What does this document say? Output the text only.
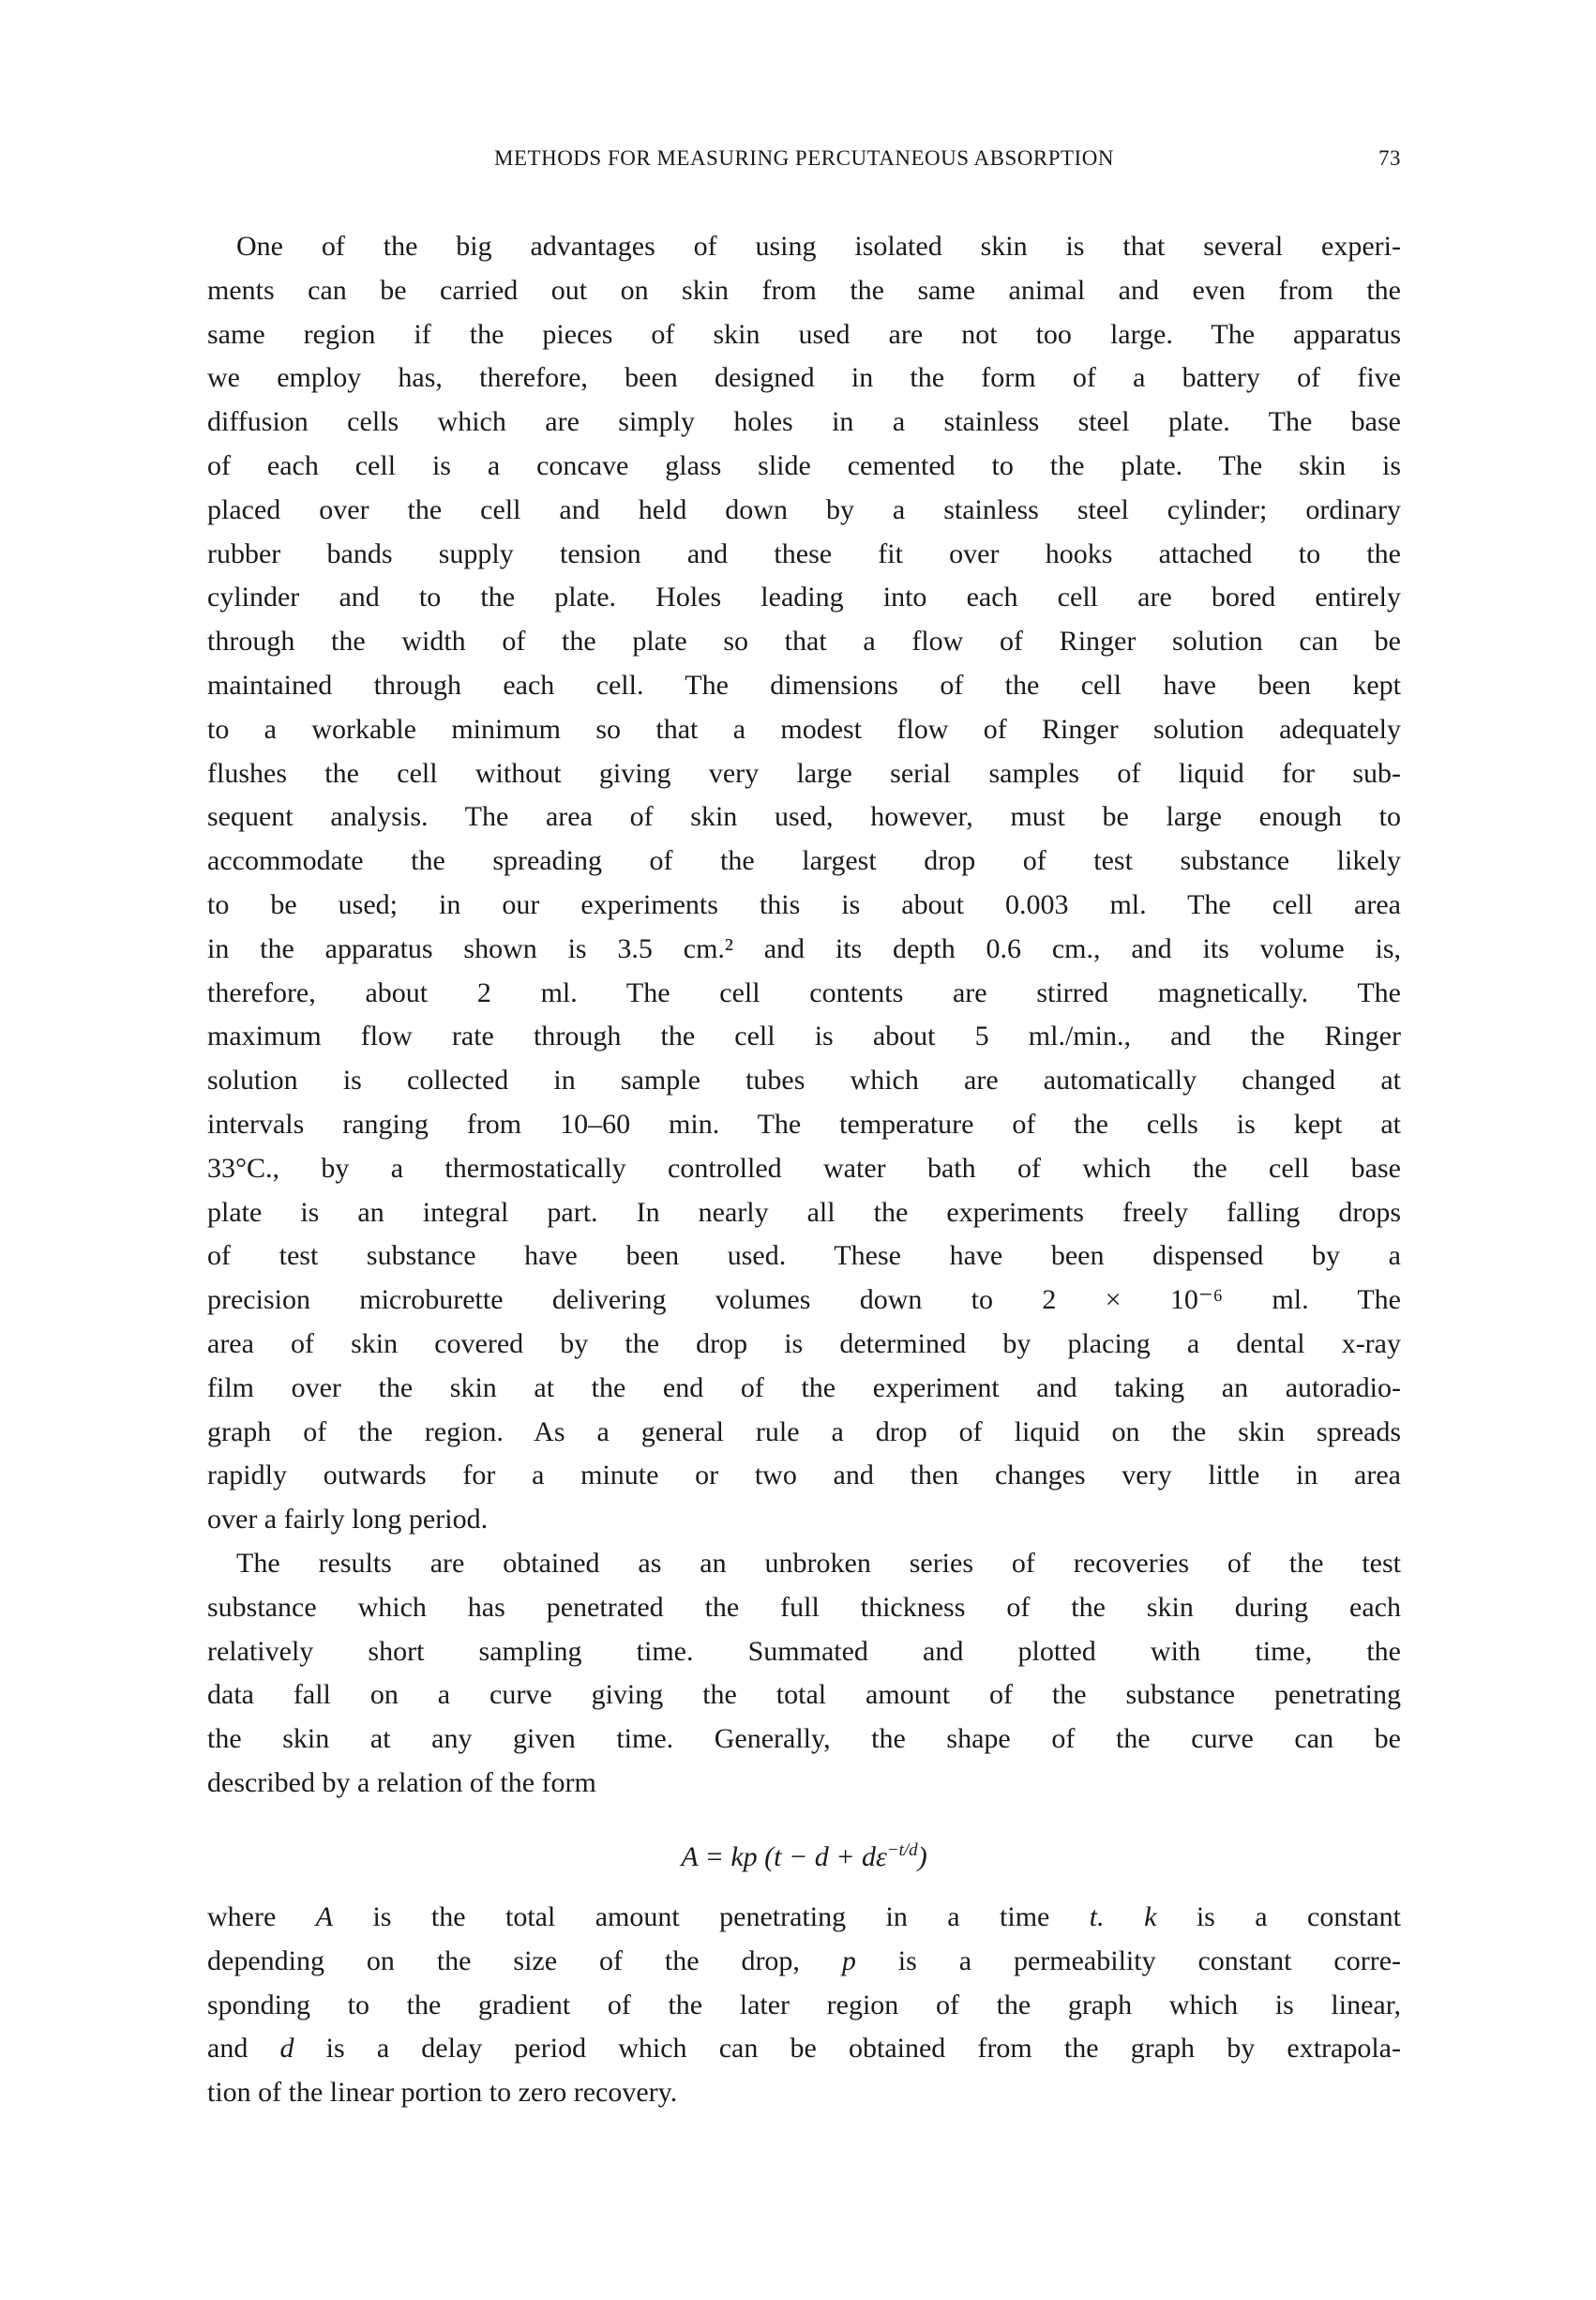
METHODS FOR MEASURING PERCUTANEOUS ABSORPTION	73
One of the big advantages of using isolated skin is that several experi-
ments can be carried out on skin from the same animal and even from the
same region if the pieces of skin used are not too large. The apparatus
we employ has, therefore, been designed in the form of a battery of five
diffusion cells which are simply holes in a stainless steel plate. The base
of each cell is a concave glass slide cemented to the plate. The skin is
placed over the cell and held down by a stainless steel cylinder; ordinary
rubber bands supply tension and these fit over hooks attached to the
cylinder and to the plate. Holes leading into each cell are bored entirely
through the width of the plate so that a flow of Ringer solution can be
maintained through each cell. The dimensions of the cell have been kept
to a workable minimum so that a modest flow of Ringer solution adequately
flushes the cell without giving very large serial samples of liquid for sub-
sequent analysis. The area of skin used, however, must be large enough to
accommodate the spreading of the largest drop of test substance likely
to be used; in our experiments this is about 0.003 ml. The cell area
in the apparatus shown is 3.5 cm.² and its depth 0.6 cm., and its volume is,
therefore, about 2 ml. The cell contents are stirred magnetically. The
maximum flow rate through the cell is about 5 ml./min., and the Ringer
solution is collected in sample tubes which are automatically changed at
intervals ranging from 10–60 min. The temperature of the cells is kept at
33°C., by a thermostatically controlled water bath of which the cell base
plate is an integral part. In nearly all the experiments freely falling drops
of test substance have been used. These have been dispensed by a
precision microburette delivering volumes down to 2 × 10⁻⁶ ml. The
area of skin covered by the drop is determined by placing a dental x-ray
film over the skin at the end of the experiment and taking an autoradio-
graph of the region. As a general rule a drop of liquid on the skin spreads
rapidly outwards for a minute or two and then changes very little in area
over a fairly long period.
The results are obtained as an unbroken series of recoveries of the test
substance which has penetrated the full thickness of the skin during each
relatively short sampling time. Summated and plotted with time, the
data fall on a curve giving the total amount of the substance penetrating
the skin at any given time. Generally, the shape of the curve can be
described by a relation of the form
A = kp $(t - d + d\varepsilon^{-t/d})$
where A is the total amount penetrating in a time t. k is a constant
depending on the size of the drop, p is a permeability constant corre-
sponding to the gradient of the later region of the graph which is linear,
and d is a delay period which can be obtained from the graph by extrapola-
tion of the linear portion to zero recovery.
